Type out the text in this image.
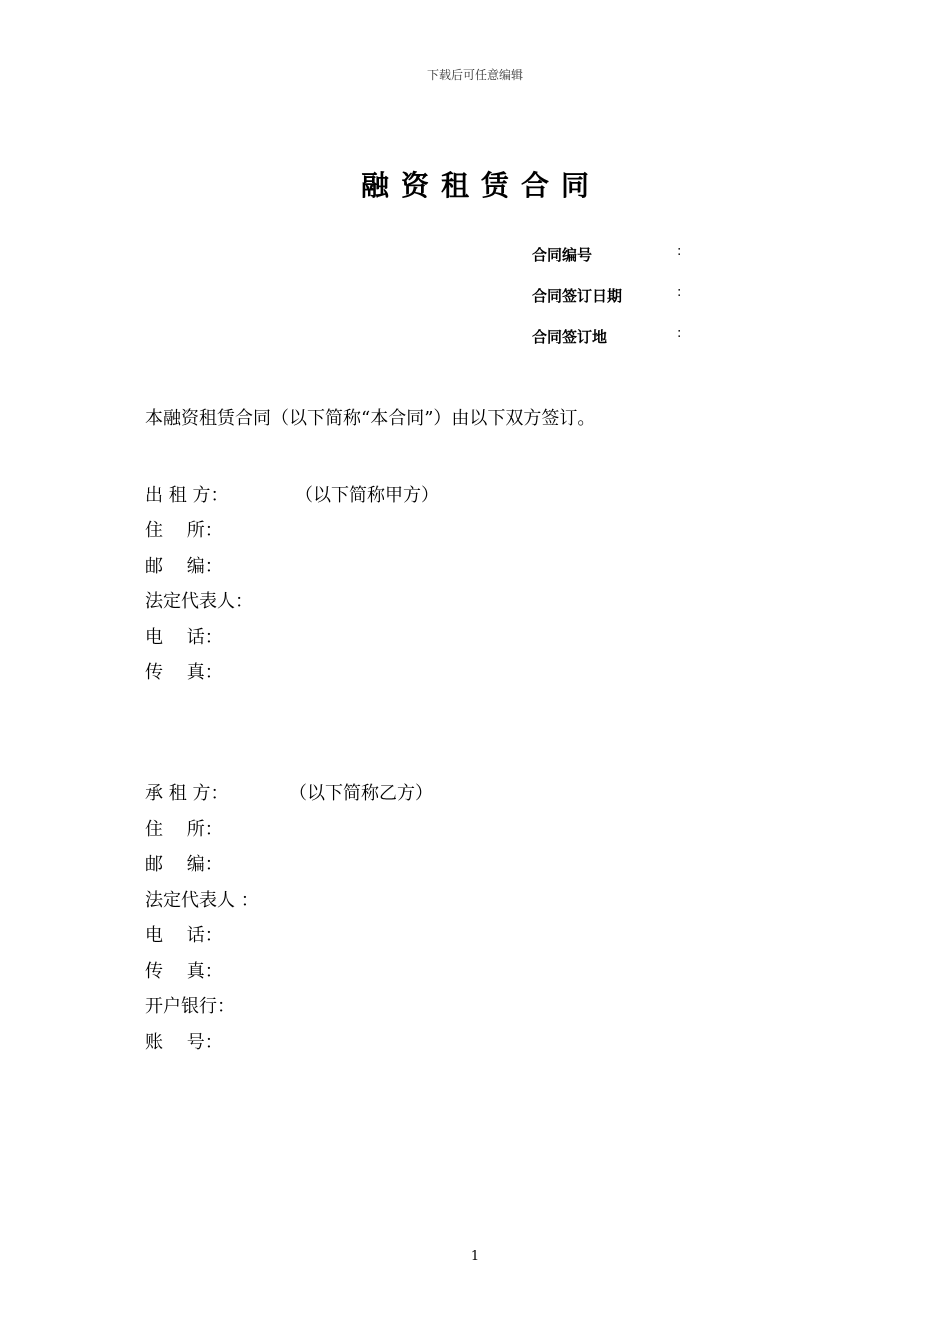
下载后可任意编辑
融资租赁合同
合同编号	:
合同签订日期	:
合同签订地	:
本融资租赁合同（以下简称“本合同”）由以下双方签订。
出 租 方：	（以下简称甲方）
住　 所：
邮　 编：
法定代表人：
电　 话：
传　 真：
承 租 方：	（以下简称乙方）
住　 所：
邮　 编：
法定代表人 ：
电　 话：
传　 真：
开户银行：
账　 号：
1
